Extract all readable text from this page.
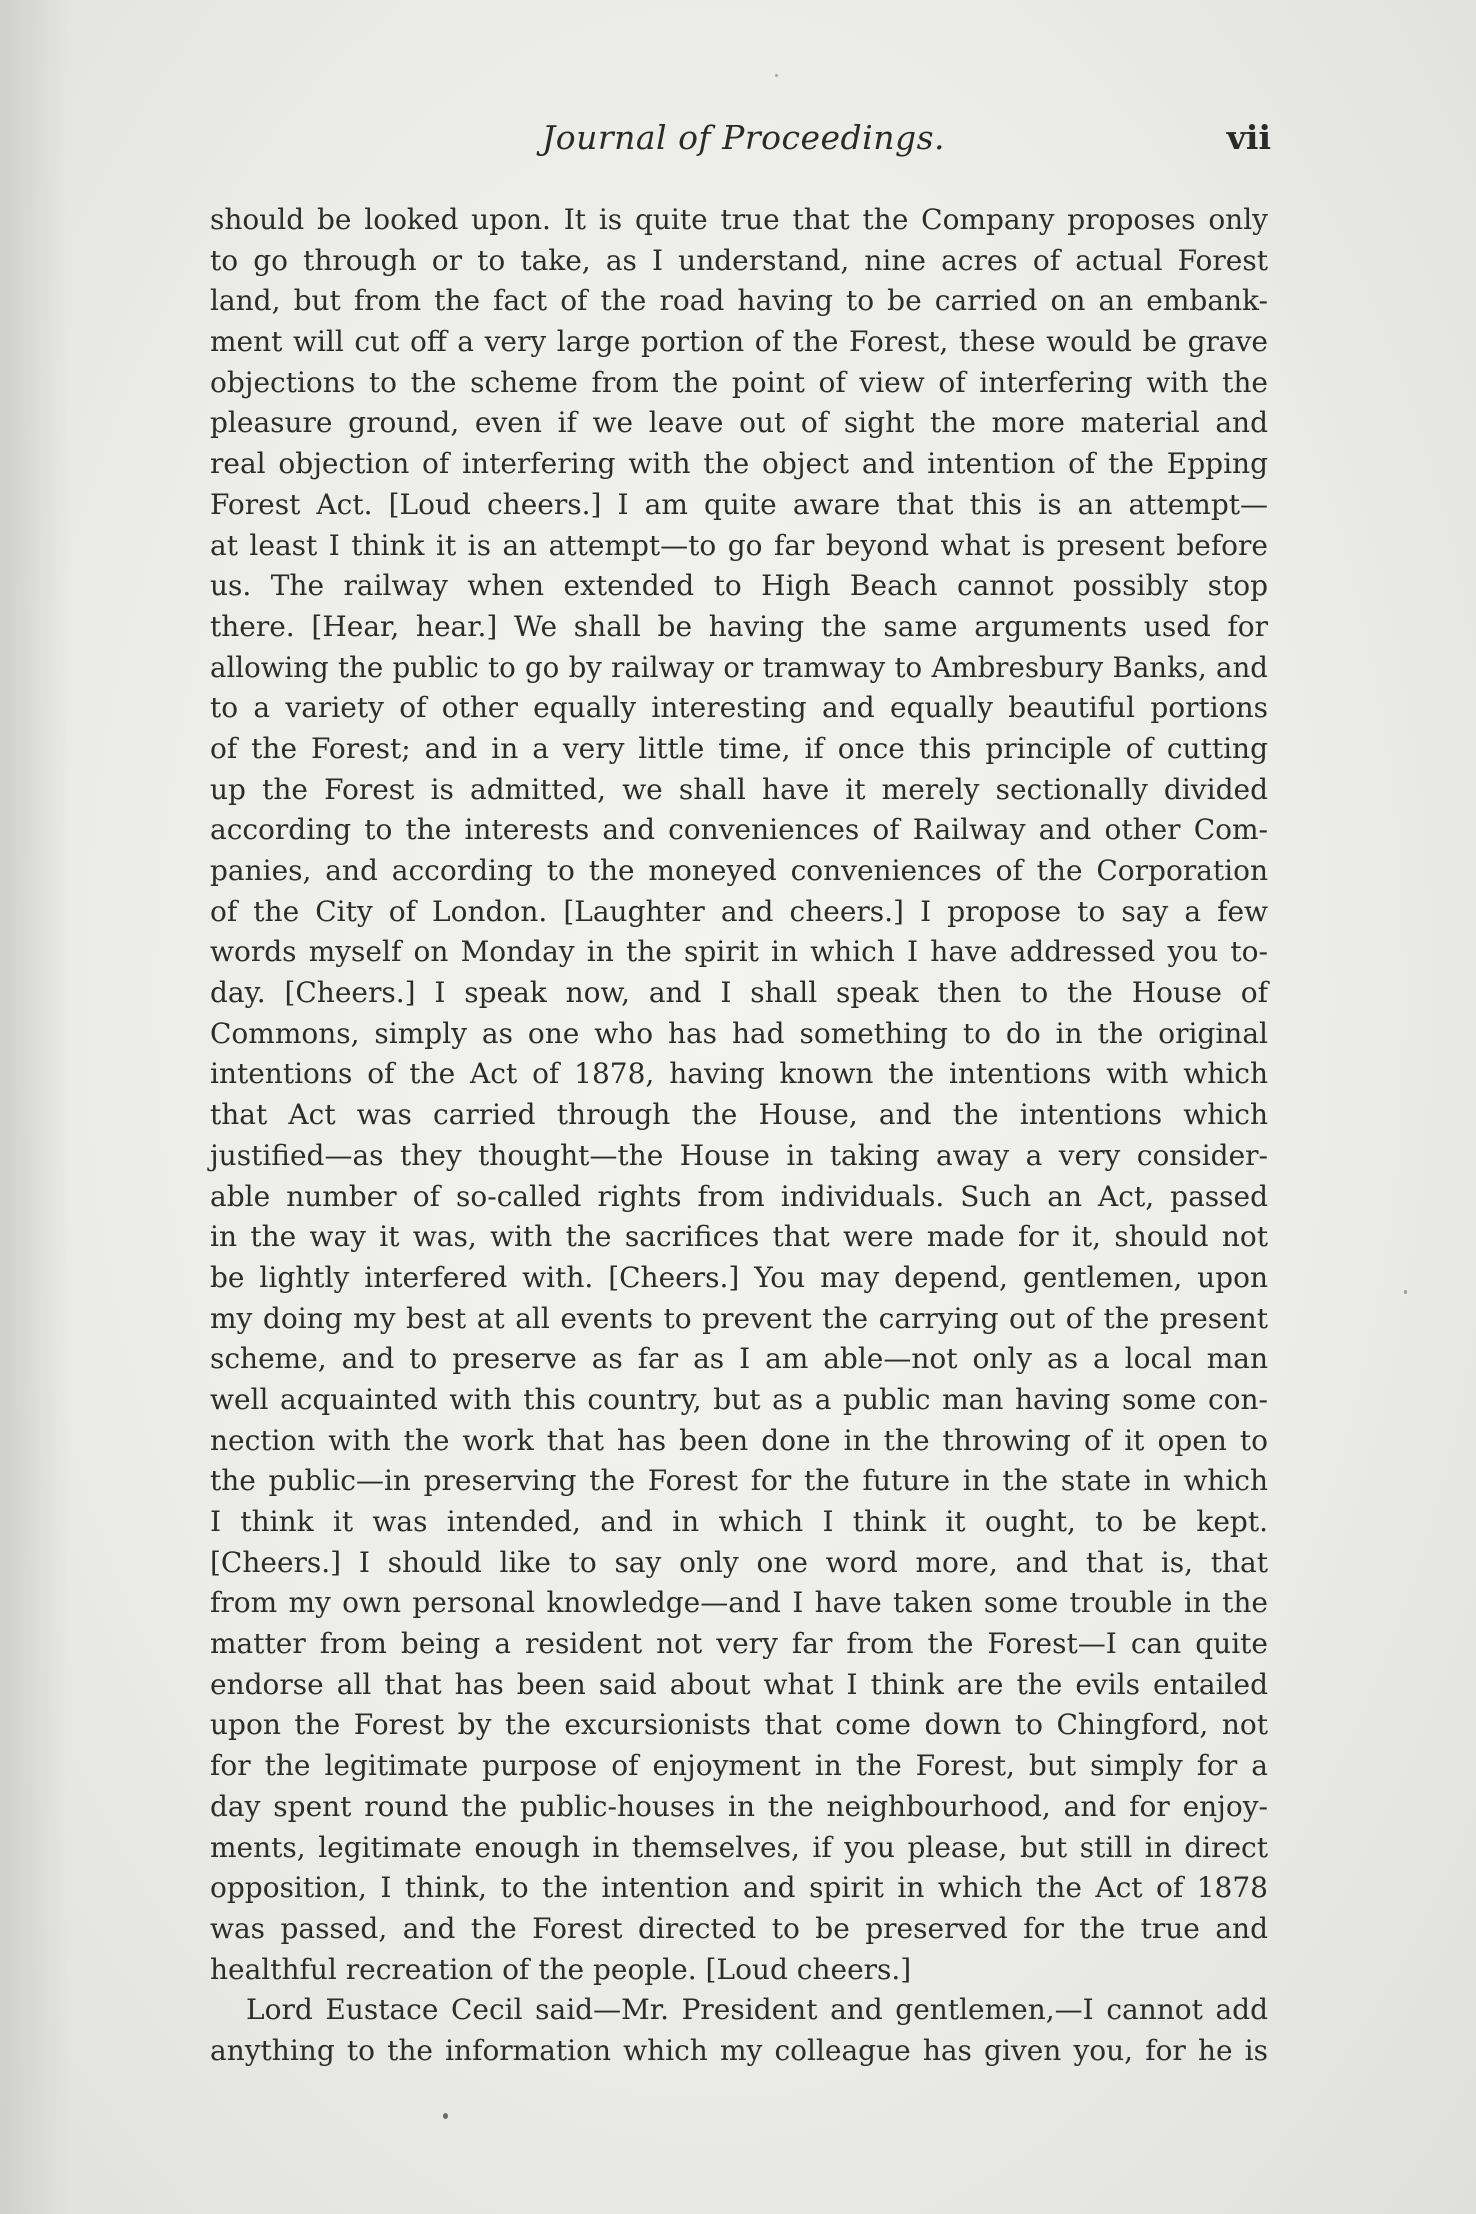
Journal of Proceedings.	vii
should be looked upon. It is quite true that the Company proposes only
to go through or to take, as I understand, nine acres of actual Forest
land, but from the fact of the road having to be carried on an embank-
ment will cut off a very large portion of the Forest, these would be grave
objections to the scheme from the point of view of interfering with the
pleasure ground, even if we leave out of sight the more material and
real objection of interfering with the object and intention of the Epping
Forest Act. [Loud cheers.] I am quite aware that this is an attempt—
at least I think it is an attempt—to go far beyond what is present before
us. The railway when extended to High Beach cannot possibly stop
there. [Hear, hear.] We shall be having the same arguments used for
allowing the public to go by railway or tramway to Ambresbury Banks, and
to a variety of other equally interesting and equally beautiful portions
of the Forest; and in a very little time, if once this principle of cutting
up the Forest is admitted, we shall have it merely sectionally divided
according to the interests and conveniences of Railway and other Com-
panies, and according to the moneyed conveniences of the Corporation
of the City of London. [Laughter and cheers.] I propose to say a few
words myself on Monday in the spirit in which I have addressed you to-
day. [Cheers.] I speak now, and I shall speak then to the House of
Commons, simply as one who has had something to do in the original
intentions of the Act of 1878, having known the intentions with which
that Act was carried through the House, and the intentions which
justified—as they thought—the House in taking away a very consider-
able number of so-called rights from individuals. Such an Act, passed
in the way it was, with the sacrifices that were made for it, should not
be lightly interfered with. [Cheers.] You may depend, gentlemen, upon
my doing my best at all events to prevent the carrying out of the present
scheme, and to preserve as far as I am able—not only as a local man
well acquainted with this country, but as a public man having some con-
nection with the work that has been done in the throwing of it open to
the public—in preserving the Forest for the future in the state in which
I think it was intended, and in which I think it ought, to be kept.
[Cheers.] I should like to say only one word more, and that is, that
from my own personal knowledge—and I have taken some trouble in the
matter from being a resident not very far from the Forest—I can quite
endorse all that has been said about what I think are the evils entailed
upon the Forest by the excursionists that come down to Chingford, not
for the legitimate purpose of enjoyment in the Forest, but simply for a
day spent round the public-houses in the neighbourhood, and for enjoy-
ments, legitimate enough in themselves, if you please, but still in direct
opposition, I think, to the intention and spirit in which the Act of 1878
was passed, and the Forest directed to be preserved for the true and
healthful recreation of the people. [Loud cheers.]
Lord Eustace Cecil said—Mr. President and gentlemen,—I cannot add
anything to the information which my colleague has given you, for he is
